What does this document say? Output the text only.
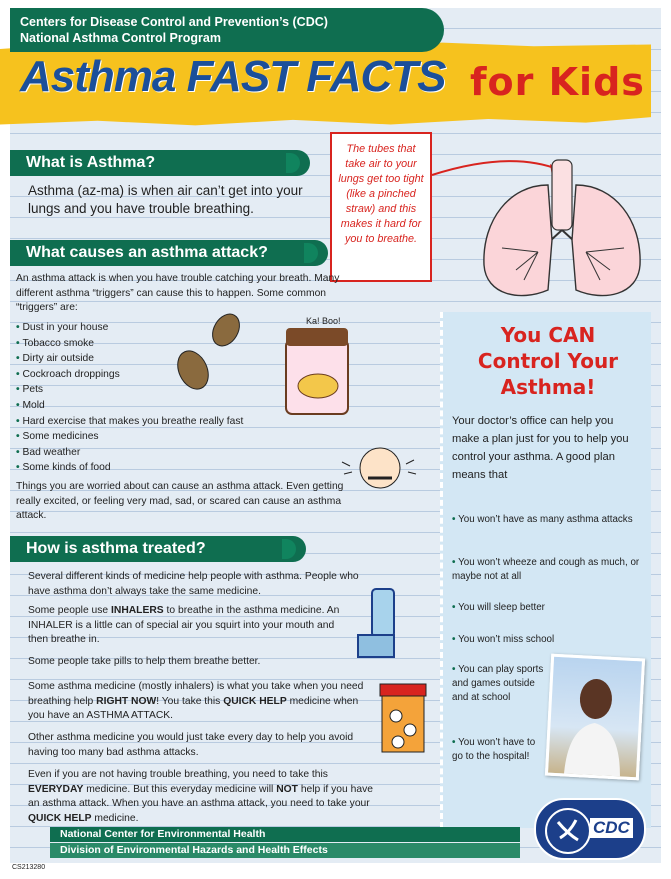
Centers for Disease Control and Prevention’s (CDC)
National Asthma Control Program
Asthma FAST FACTS for Kids
What is Asthma?
Asthma (az-ma) is when air can’t get into your lungs and you have trouble breathing.
The tubes that take air to your lungs get too tight (like a pinched straw) and this makes it hard for you to breathe.
What causes an asthma attack?
An asthma attack is when you have trouble catching your breath. Many different asthma “triggers” can cause this to happen. Some common “triggers” are:
• Dust in your house
• Tobacco smoke
• Dirty air outside
• Cockroach droppings
• Pets
• Mold
• Hard exercise that makes you breathe really fast
• Some medicines
• Bad weather
• Some kinds of food
Things you are worried about can cause an asthma attack. Even getting really excited, or feeling very mad, sad, or scared can cause an asthma attack.
Ka! Boo!
How is asthma treated?
Several different kinds of medicine help people with asthma. People who have asthma don’t always take the same medicine.
Some people use INHALERS to breathe in the asthma medicine. An INHALER is a little can of special air you squirt into your mouth and then breathe in.
Some people take pills to help them breathe better.
Some asthma medicine (mostly inhalers) is what you take when you need breathing help RIGHT NOW! You take this QUICK HELP medicine when you have an ASTHMA ATTACK.
Other asthma medicine you would just take every day to help you avoid having too many bad asthma attacks.
Even if you are not having trouble breathing, you need to take this EVERYDAY medicine. But this everyday medicine will NOT help if you have an asthma attack. When you have an asthma attack, you need to take your QUICK HELP medicine.
You CAN
Control Your
Asthma!
Your doctor’s office can help you make a plan just for you to help you control your asthma. A good plan means that
• You won’t have as many asthma attacks
• You won’t wheeze and cough as much, or maybe not at all
• You will sleep better
• You won’t miss school
• You can play sports and games outside and at school
• You won’t have to go to the hospital!
National Center for Environmental Health
Division of Environmental Hazards and Health Effects
CS213280
CDC
